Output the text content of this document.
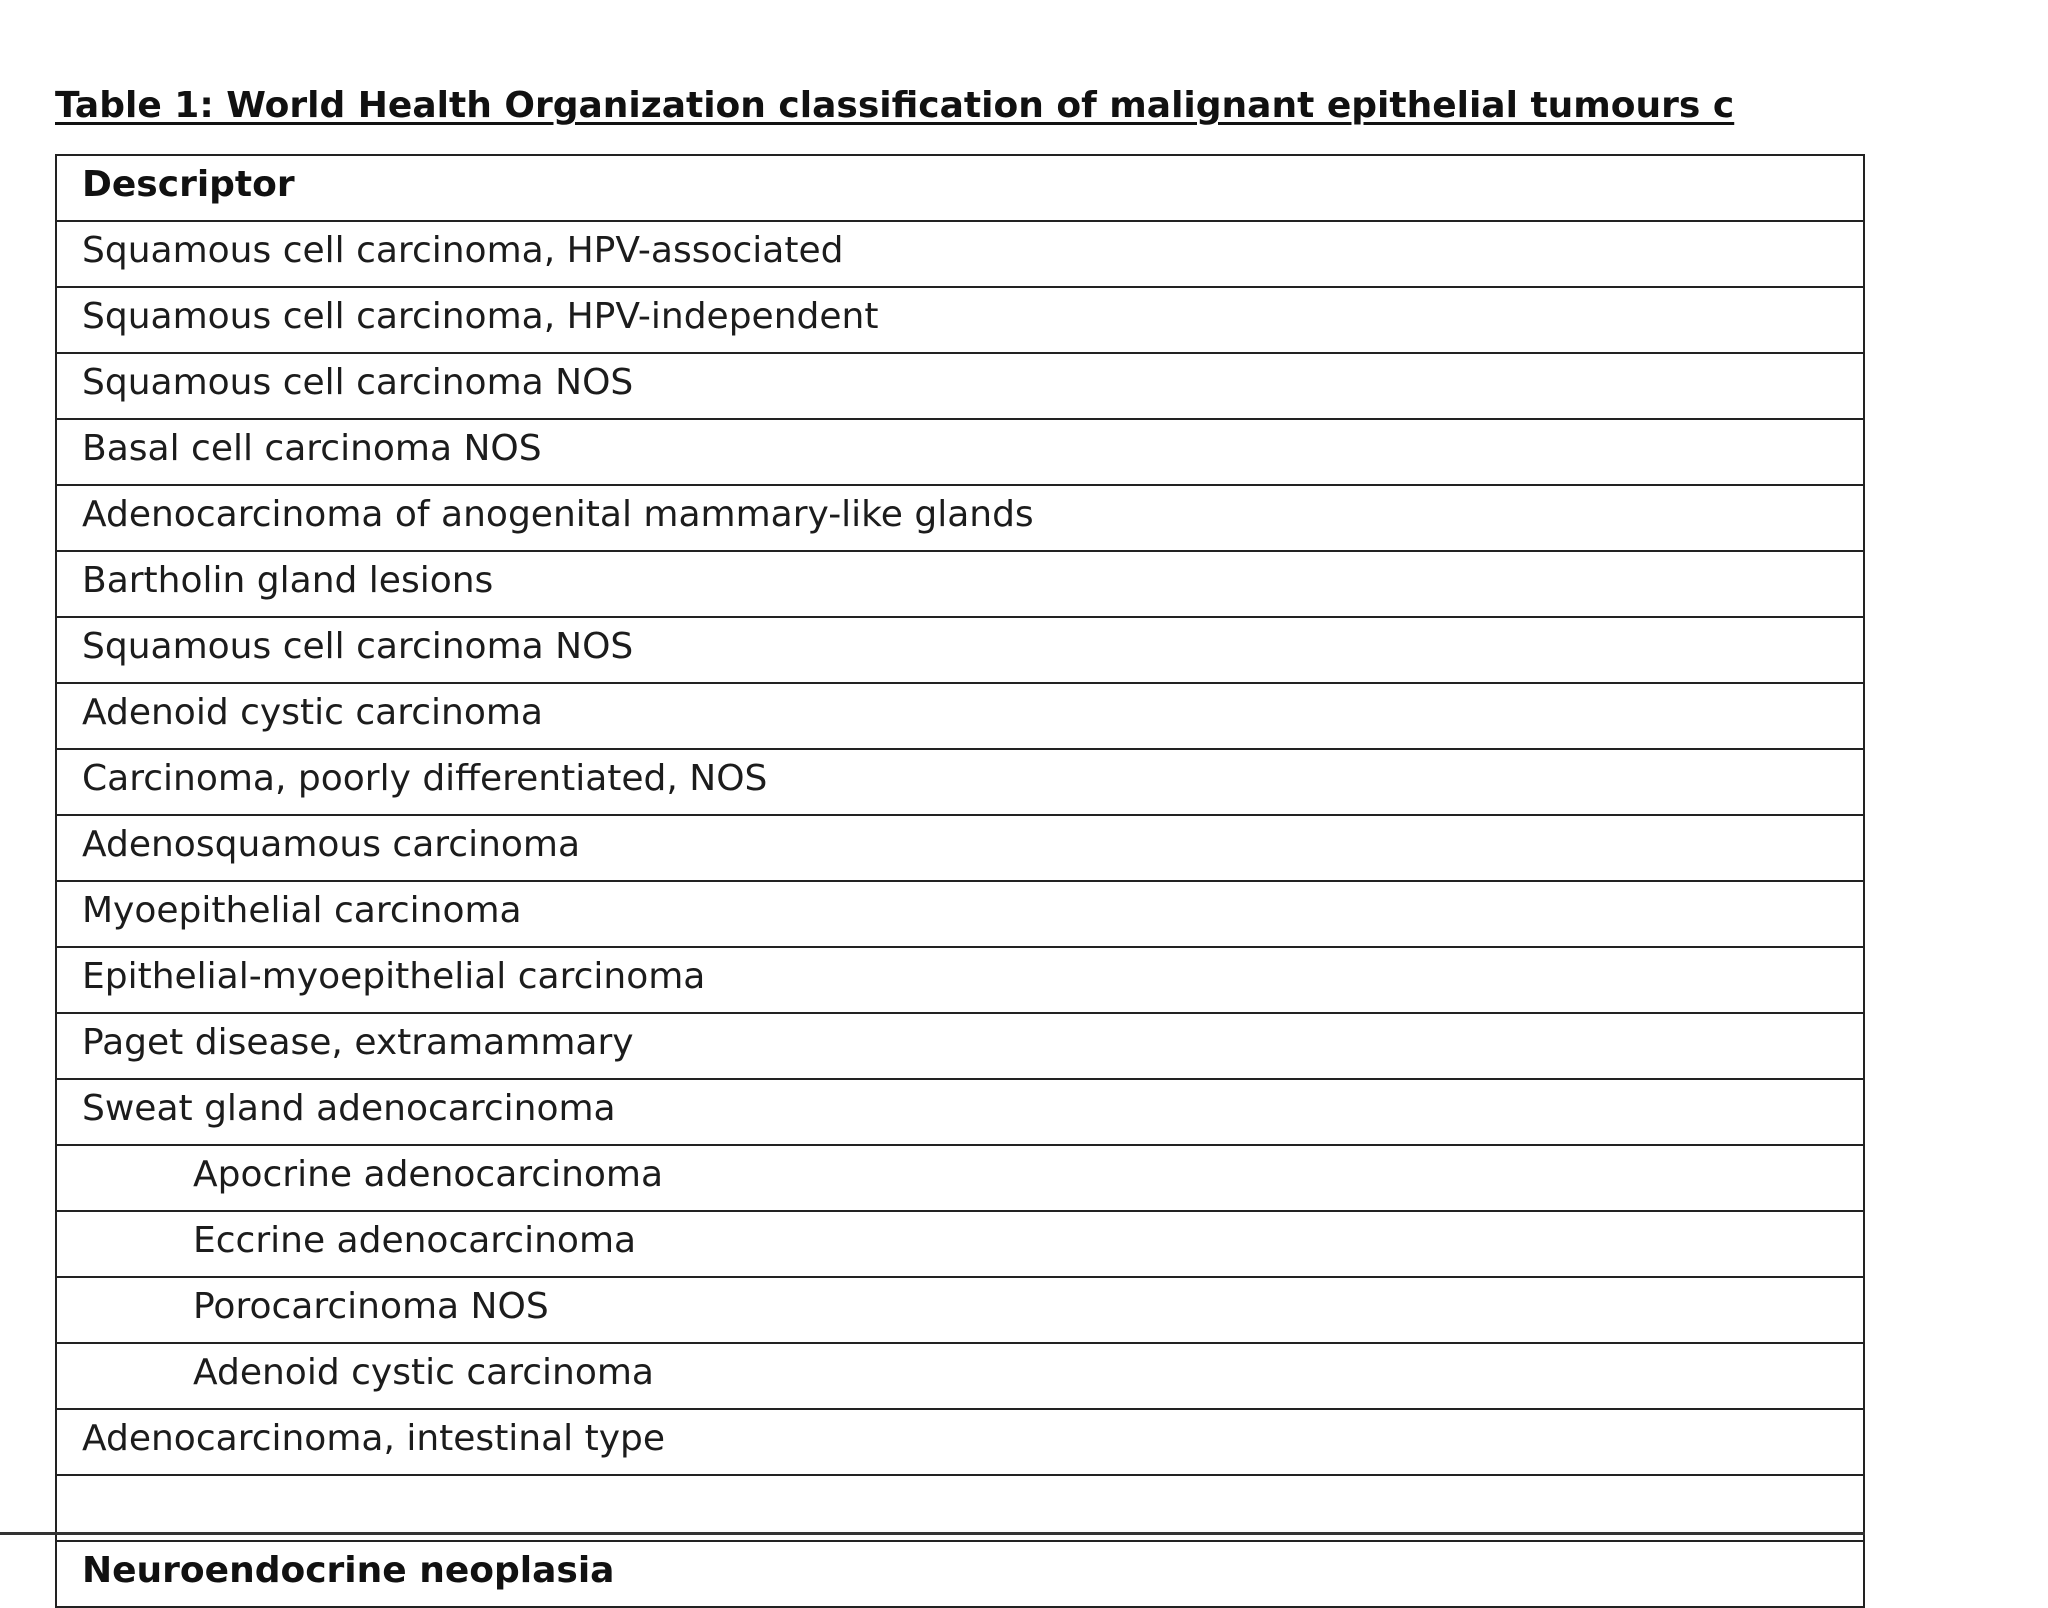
Table 1: World Health Organization classification of malignant epithelial tumours c
Descriptor
Squamous cell carcinoma, HPV-associated
Squamous cell carcinoma, HPV-independent
Squamous cell carcinoma NOS
Basal cell carcinoma NOS
Adenocarcinoma of anogenital mammary-like glands
Bartholin gland lesions
Squamous cell carcinoma NOS
Adenoid cystic carcinoma
Carcinoma, poorly differentiated, NOS
Adenosquamous carcinoma
Myoepithelial carcinoma
Epithelial-myoepithelial carcinoma
Paget disease, extramammary
Sweat gland adenocarcinoma
Apocrine adenocarcinoma
Eccrine adenocarcinoma
Porocarcinoma NOS
Adenoid cystic carcinoma
Adenocarcinoma, intestinal type

Neuroendocrine neoplasia
